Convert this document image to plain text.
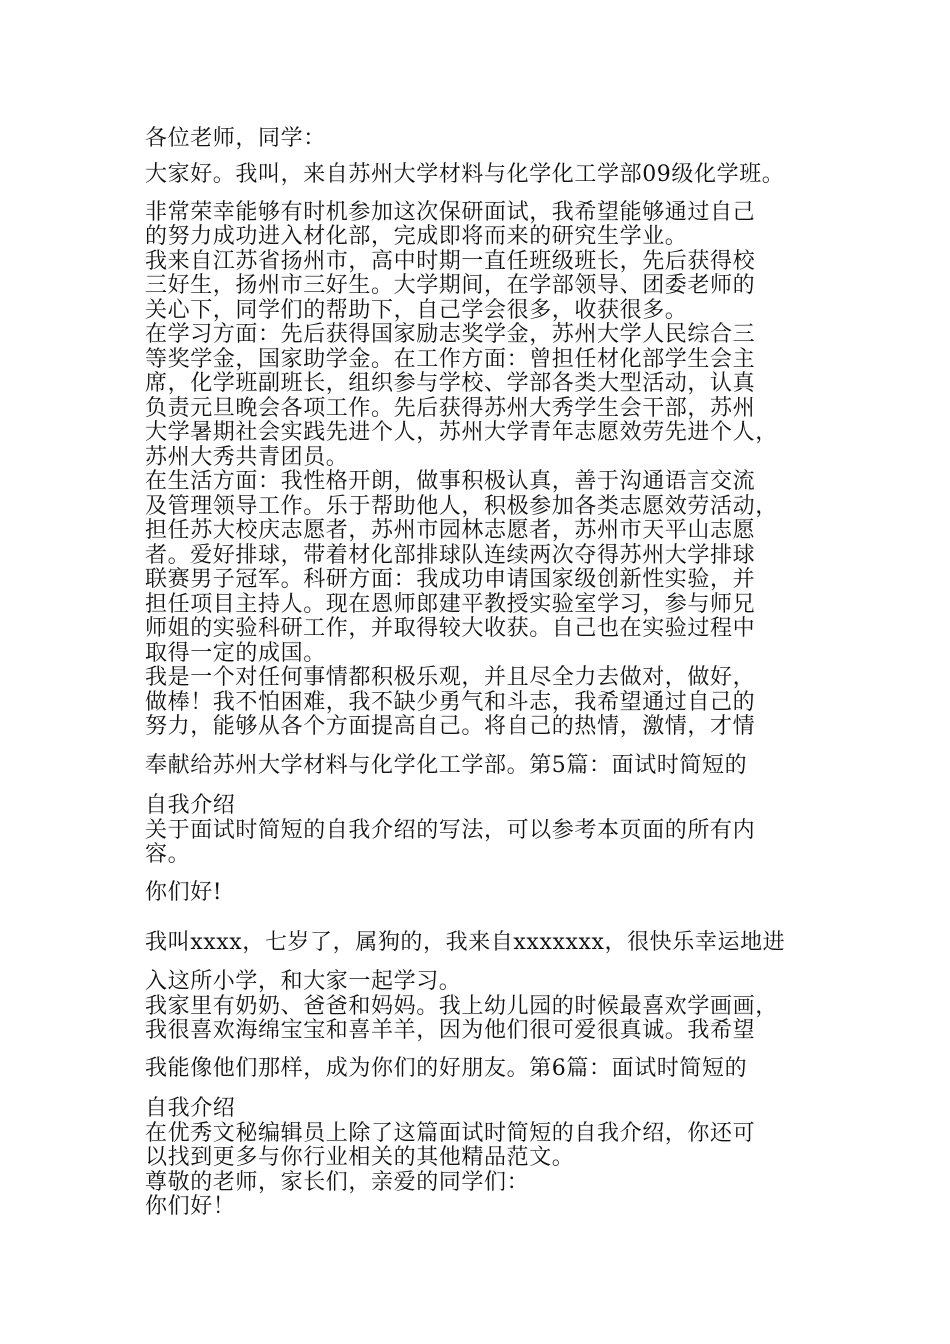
各位老师，同学：

大家好。我叫，来自苏州大学材料与化学化工学部09级化学班。

非常荣幸能够有时机参加这次保研面试，我希望能够通过自己

的努力成功进入材化部，完成即将而来的研究生学业。

我来自江苏省扬州市，高中时期一直任班级班长，先后获得校

三好生，扬州市三好生。大学期间，在学部领导、团委老师的

关心下，同学们的帮助下，自己学会很多，收获很多。

在学习方面：先后获得国家励志奖学金，苏州大学人民综合三

等奖学金，国家助学金。在工作方面：曾担任材化部学生会主

席，化学班副班长，组织参与学校、学部各类大型活动，认真

负责元旦晚会各项工作。先后获得苏州大秀学生会干部，苏州

大学暑期社会实践先进个人，苏州大学青年志愿效劳先进个人，

苏州大秀共青团员。

在生活方面：我性格开朗，做事积极认真，善于沟通语言交流

及管理领导工作。乐于帮助他人，积极参加各类志愿效劳活动，

担任苏大校庆志愿者，苏州市园林志愿者，苏州市天平山志愿

者。爱好排球，带着材化部排球队连续两次夺得苏州大学排球

联赛男子冠军。科研方面：我成功申请国家级创新性实验，并

担任项目主持人。现在恩师郎建平教授实验室学习，参与师兄

师姐的实验科研工作，并取得较大收获。自己也在实验过程中

取得一定的成国。

我是一个对任何事情都积极乐观，并且尽全力去做对，做好，

做棒！我不怕困难，我不缺少勇气和斗志，我希望通过自己的

努力，能够从各个方面提高自己。将自己的热情，激情，才情

奉献给苏州大学材料与化学化工学部。第5篇：面试时简短的

自我介绍

关于面试时简短的自我介绍的写法，可以参考本页面的所有内

容。

你们好!

我叫xxxx，七岁了，属狗的，我来自xxxxxxx，很快乐幸运地进

入这所小学，和大家一起学习。

我家里有奶奶、爸爸和妈妈。我上幼儿园的时候最喜欢学画画，

我很喜欢海绵宝宝和喜羊羊，因为他们很可爱很真诚。我希望

我能像他们那样，成为你们的好朋友。第6篇：面试时简短的

自我介绍

在优秀文秘编辑员上除了这篇面试时简短的自我介绍，你还可

以找到更多与你行业相关的其他精品范文。

尊敬的老师，家长们，亲爱的同学们：

你们好！
